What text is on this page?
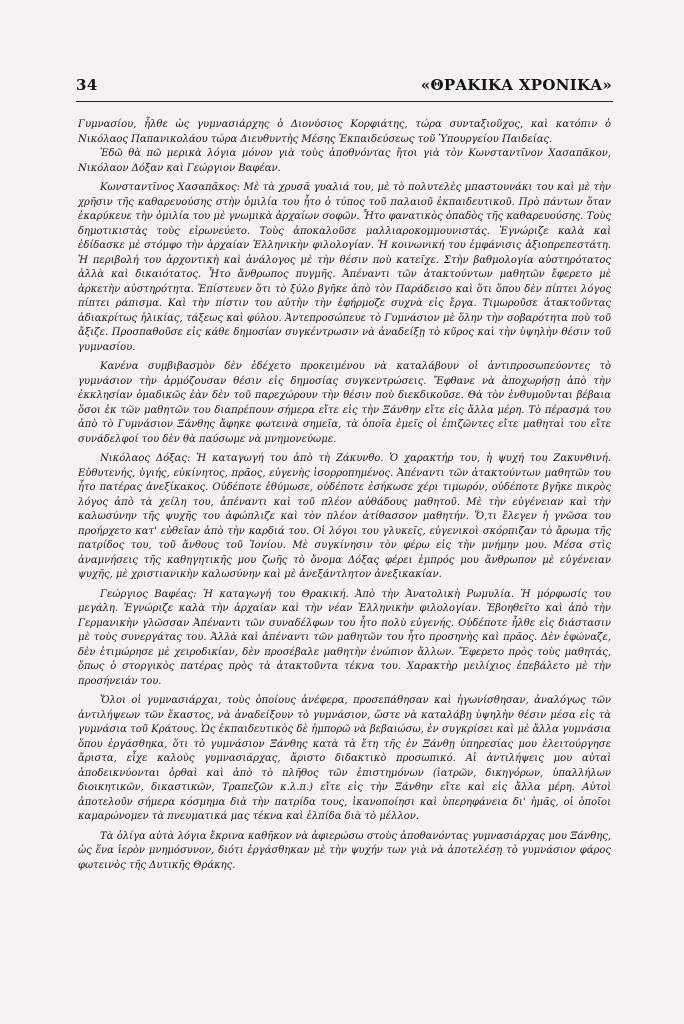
34	«ΘΡΑΚΙΚΑ ΧΡΟΝΙΚΑ»

Γυμνασίου, ἦλθε ὡς γυμνασιάρχης ὁ Διονύσιος Κορφιάτης, τώρα συνταξιοῦχος, καὶ κατόπιν ὁ Νικόλαος Παπανικολάου τώρα Διευθυντὴς Μέσης Ἐκπαιδεύσεως τοῦ Ὑπουργείου Παιδείας.

Ἐδῶ θὰ πῶ μερικὰ λόγια μόνον γιὰ τοὺς ἀποθνόντας ἤτοι γιὰ τὸν Κωνσταντῖνον Χασαπᾶκον, Νικόλαον Δόξαν καὶ Γεώργιον Βαφέαν.

Κωνσταντῖνος Χασαπᾶκος: Μὲ τὰ χρυσᾶ γυαλιά του, μὲ τὸ πολυτελὲς μπαστουνάκι του καὶ μὲ τὴν χρῆσιν τῆς καθαρευούσης στὴν ὁμιλία του ἦτο ὁ τύπος τοῦ παλαιοῦ ἐκπαιδευτικοῦ. Πρὸ πάντων ὅταν ἐκαρύκευε τὴν ὁμιλία του μὲ γνωμικὰ ἀρχαίων σοφῶν. Ἦτο φανατικὸς ὀπαδὸς τῆς καθαρευούσης. Τοὺς δημοτικιστὰς τοὺς εἰρωνεύετο. Τοὺς ἀποκαλοῦσε μαλλιαροκομμουνιστάς. Ἐγνώριζε καλὰ καὶ ἐδίδασκε μὲ στόμφο τὴν ἀρχαίαν Ἑλληνικὴν φιλολογίαν. Ἡ κοινωνική του ἐμφάνισις ἀξιοπρεπεστάτη. Ἡ περιβολή του ἀρχοντικὴ καὶ ἀνάλογος μὲ τὴν θέσιν ποὺ κατεῖχε. Στὴν βαθμολογία αὐστηρότατος ἀλλὰ καὶ δικαιότατος. Ἦτο ἄνθρωπος πυγμῆς. Ἀπέναντι τῶν ἀτακτούντων μαθητῶν ἔφερετο μὲ ἀρκετὴν αὐστηρότητα. Ἐπίστευεν ὅτι τὸ ξύλο βγῆκε ἀπὸ τὸν Παράδεισο καὶ ὅτι ὅπου δὲν πίπτει λόγος πίπτει ράπισμα. Καὶ τὴν πίστιν του αὐτὴν τὴν ἐφήρμοζε συχνὰ εἰς ἔργα. Τιμωροῦσε ἀτακτοῦντας ἀδιακρίτως ἡλικίας, τάξεως καὶ φύλου. Ἀντεπροσώπευε τὸ Γυμνάσιον μὲ ὅλην τὴν σοβαρότητα ποὺ τοῦ ἄξιζε. Προσπαθοῦσε εἰς κάθε δημοσίαν συγκέντρωσιν νὰ ἀναδείξῃ τὸ κῦρος καὶ τὴν ὑψηλὴν θέσιν τοῦ γυμνασίου.

Κανένα συμβιβασμὸν δὲν ἐδέχετο προκειμένου νὰ καταλάβουν οἱ ἀντιπροσωπεύοντες τὸ γυμνάσιον τὴν ἁρμόζουσαν θέσιν εἰς δημοσίας συγκεντρώσεις. Ἔφθανε νὰ ἀποχωρήσῃ ἀπὸ τὴν ἐκκλησίαν ὁμαδικῶς ἐὰν δὲν τοῦ παρεχώρουν τὴν θέσιν ποὺ διεκδικοῦσε. Θὰ τὸν ἐνθυμοῦνται βέβαια ὅσοι ἐκ τῶν μαθητῶν του διαπρέπουν σήμερα εἴτε εἰς τὴν Ξάνθην εἴτε εἰς ἄλλα μέρη. Τὸ πέρασμά του ἀπὸ τὸ Γυμνάσιον Ξάνθης ἄφηκε φωτεινὰ σημεῖα, τὰ ὁποῖα ἐμεῖς οἱ ἐπιζῶντες εἴτε μαθηταὶ του εἴτε συνάδελφοί του δὲν θὰ παύσωμε νὰ μνημονεύωμε.

Νικόλαος Δόξας: Ἡ καταγωγή του ἀπὸ τὴ Ζάκυνθο. Ὁ χαρακτήρ του, ἡ ψυχή του Ζακυνθινή. Εὐθυτενής, ὑγιής, εὐκίνητος, πρᾶος, εὐγενὴς ἰσορροπημένος. Ἀπέναντι τῶν ἀτακτούντων μαθητῶν του ἦτο πατέρας ἀνεξίκακος. Οὐδέποτε ἐθύμωσε, οὐδέποτε ἐσήκωσε χέρι τιμωρόν, οὐδέποτε βγῆκε πικρὸς λόγος ἀπὸ τὰ χείλη του, ἀπέναντι καὶ τοῦ πλέον αὐθάδους μαθητοῦ. Μὲ τὴν εὐγένειαν καὶ τὴν καλωσύνην τῆς ψυχῆς του ἀφώπλιζε καὶ τὸν πλέον ἀτίθασσον μαθητήν. Ὅ,τι ἔλεγεν ἡ γνῶσα του προήρχετο κατ' εὐθεῖαν ἀπὸ τὴν καρδιά του. Οἱ λόγοι του γλυκεῖς, εὐγενικοὶ σκόρπιζαν τὸ ἄρωμα τῆς πατρίδος του, τοῦ ἄνθους τοῦ Ἰονίου. Μὲ συγκίνησιν τὸν φέρω εἰς τὴν μνήμην μου. Μέσα στὶς ἀναμνήσεις τῆς καθηγητικῆς μου ζωῆς τὸ ὄνομα Δόξας φέρει ἐμπρός μου ἄνθρωπον μὲ εὐγένειαν ψυχῆς, μὲ χριστιανικὴν καλωσύνην καὶ μὲ ἀνεξάντλητον ἀνεξικακίαν.

Γεώργιος Βαφέας: Ἡ καταγωγή του Θρακική. Ἀπὸ τὴν Ἀνατολικὴ Ρωμυλία. Ἡ μόρφωσίς του μεγάλη. Ἐγνώριζε καλὰ τὴν ἀρχαίαν καὶ τὴν νέαν Ἑλληνικὴν φιλολογίαν. Ἐβοηθεῖτο καὶ ἀπὸ τὴν Γερμανικὴν γλῶσσαν Ἀπέναντι τῶν συναδέλφων του ἦτο πολὺ εὐγενής. Οὐδέποτε ἦλθε εἰς διάστασιν μὲ τοὺς συνεργάτας του. Ἀλλὰ καὶ ἀπέναντι τῶν μαθητῶν του ἦτο προσηνὴς καὶ πρᾶος. Δὲν ἐφώναζε, δὲν ἐτιμώρησε μὲ χειροδικίαν, δὲν προσέβαλε μαθητὴν ἐνώπιον ἄλλων. Ἔφερετο πρὸς τοὺς μαθητάς, ὅπως ὁ στοργικὸς πατέρας πρὸς τὰ ἀτακτοῦντα τέκνα του. Χαρακτὴρ μειλίχιος ἐπεβάλετο μὲ τὴν προσήνειάν του.

Ὅλοι οἱ γυμνασιάρχαι, τοὺς ὁποίους ἀνέφερα, προσεπάθησαν καὶ ἠγωνίσθησαν, ἀναλόγως τῶν ἀντιλήψεων τῶν ἕκαστος, νὰ ἀναδείξουν τὸ γυμνάσιον, ὥστε νὰ καταλάβῃ ὑψηλὴν θέσιν μέσα εἰς τὰ γυμνάσια τοῦ Κράτους. Ὡς ἐκπαιδευτικὸς δὲ ἠμπορῶ νὰ βεβαιώσω, ἐν συγκρίσει καὶ μὲ ἄλλα γυμνάσια ὅπου ἐργάσθηκα, ὅτι τὸ γυμνάσιον Ξάνθης κατὰ τὰ ἔτη τῆς ἐν Ξάνθῃ ὑπηρεσίας μου ἐλειτούργησε ἄριστα, εἶχε καλοὺς γυμνασιάρχας, ἄριστο διδακτικὸ προσωπικό. Αἱ ἀντιλήψεις μου αὐταὶ ἀποδεικνύονται ὀρθαὶ καὶ ἀπὸ τὸ πλῆθος τῶν ἐπιστημόνων (ἰατρῶν, δικηγόρων, ὑπαλλήλων διοικητικῶν, δικαστικῶν, Τραπεζῶν κ.λ.π.) εἴτε εἰς τὴν Ξάνθην εἴτε καὶ εἰς ἄλλα μέρη. Αὐτοὶ ἀποτελοῦν σήμερα κόσμημα διὰ τὴν πατρίδα τους, ἱκανοποίησι καὶ ὑπερηφάνεια δι' ἡμᾶς, οἱ ὁποῖοι καμαρώνομεν τὰ πνευματικά μας τέκνα καὶ ἐλπίδα διὰ τὸ μέλλον.

Τὰ ὀλίγα αὐτὰ λόγια ἔκρινα καθῆκον νὰ ἀφιερώσω στοὺς ἀποθανόντας γυμνασιάρχας μου Ξάνθης, ὡς ἕνα ἱερὸν μνημόσυνον, διότι ἐργάσθηκαν μὲ τὴν ψυχήν των γιὰ νὰ ἀποτελέσῃ τὸ γυμνάσιον φάρος φωτεινὸς τῆς Δυτικῆς Θράκης.
